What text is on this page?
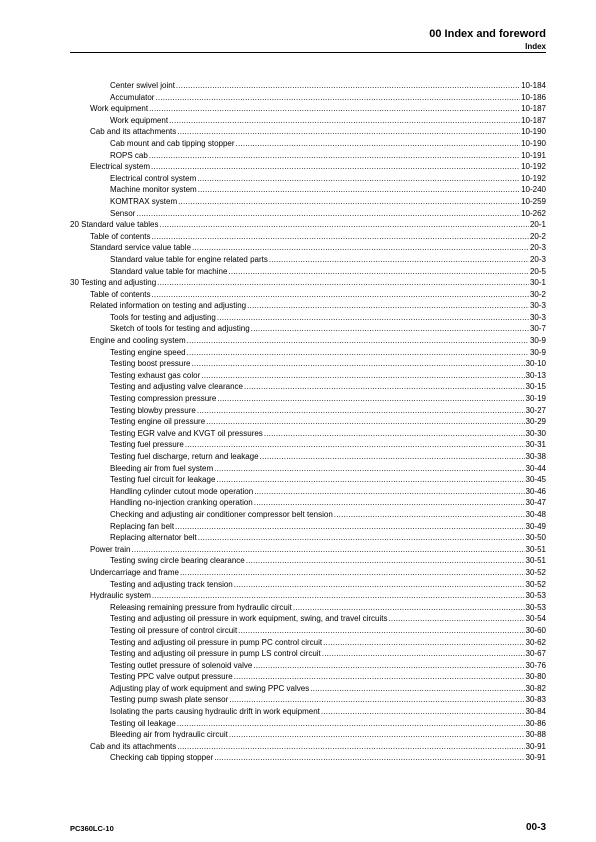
00 Index and foreword
Index
Center swivel joint .....	10-184
Accumulator .....	10-186
Work equipment .....	10-187
Work equipment .....	10-187
Cab and its attachments .....	10-190
Cab mount and cab tipping stopper .....	10-190
ROPS cab .....	10-191
Electrical system .....	10-192
Electrical control system .....	10-192
Machine monitor system .....	10-240
KOMTRAX system .....	10-259
Sensor .....	10-262
20 Standard value tables .....	20-1
Table of contents .....	20-2
Standard service value table .....	20-3
Standard value table for engine related parts .....	20-3
Standard value table for machine .....	20-5
30 Testing and adjusting .....	30-1
Table of contents .....	30-2
Related information on testing and adjusting .....	30-3
Tools for testing and adjusting .....	30-3
Sketch of tools for testing and adjusting .....	30-7
Engine and cooling system .....	30-9
Testing engine speed .....	30-9
Testing boost pressure .....	30-10
Testing exhaust gas color .....	30-13
Testing and adjusting valve clearance .....	30-15
Testing compression pressure .....	30-19
Testing blowby pressure .....	30-27
Testing engine oil pressure .....	30-29
Testing EGR valve and KVGT oil pressures .....	30-30
Testing fuel pressure .....	30-31
Testing fuel discharge, return and leakage .....	30-38
Bleeding air from fuel system .....	30-44
Testing fuel circuit for leakage .....	30-45
Handling cylinder cutout mode operation .....	30-46
Handling no-injection cranking operation .....	30-47
Checking and adjusting air conditioner compressor belt tension .....	30-48
Replacing fan belt .....	30-49
Replacing alternator belt .....	30-50
Power train .....	30-51
Testing swing circle bearing clearance .....	30-51
Undercarriage and frame .....	30-52
Testing and adjusting track tension .....	30-52
Hydraulic system .....	30-53
Releasing remaining pressure from hydraulic circuit .....	30-53
Testing and adjusting oil pressure in work equipment, swing, and travel circuits .....	30-54
Testing oil pressure of control circuit .....	30-60
Testing and adjusting oil pressure in pump PC control circuit .....	30-62
Testing and adjusting oil pressure in pump LS control circuit .....	30-67
Testing outlet pressure of solenoid valve .....	30-76
Testing PPC valve output pressure .....	30-80
Adjusting play of work equipment and swing PPC valves .....	30-82
Testing pump swash plate sensor .....	30-83
Isolating the parts causing hydraulic drift in work equipment .....	30-84
Testing oil leakage .....	30-86
Bleeding air from hydraulic circuit .....	30-88
Cab and its attachments .....	30-91
Checking cab tipping stopper .....	30-91
PC360LC-10	00-3
